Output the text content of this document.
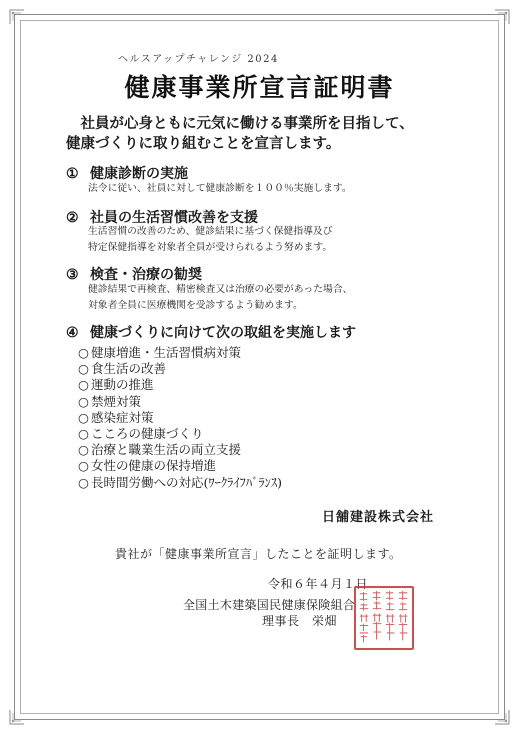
ヘルスアップチャレンジ 2024
健康事業所宣言証明書
社員が心身ともに元気に働ける事業所を目指して、
健康づくりに取り組むことを宣言します。
① 健康診断の実施
法令に従い、社員に対して健康診断を１００％実施します。
② 社員の生活習慣改善を支援
生活習慣の改善のため、健診結果に基づく保健指導及び
特定保健指導を対象者全員が受けられるよう努めます。
③ 検査・治療の勧奨
健診結果で再検査、精密検査又は治療の必要があった場合、
対象者全員に医療機関を受診するよう勧めます。
④ 健康づくりに向けて次の取組を実施します
○ 健康増進・生活習慣病対策
○ 食生活の改善
○ 運動の推進
○ 禁煙対策
○ 感染症対策
○ こころの健康づくり
○ 治療と職業生活の両立支援
○ 女性の健康の保持増進
○ 長時間労働への対応(ﾜｰｸﾗｲﾌﾊﾞﾗﾝｽ)
日舗建設株式会社
貴社が「健康事業所宣言」したことを証明します。
令和６年４月１日
全国土木建築国民健康保険組合
理事長　栄畑
